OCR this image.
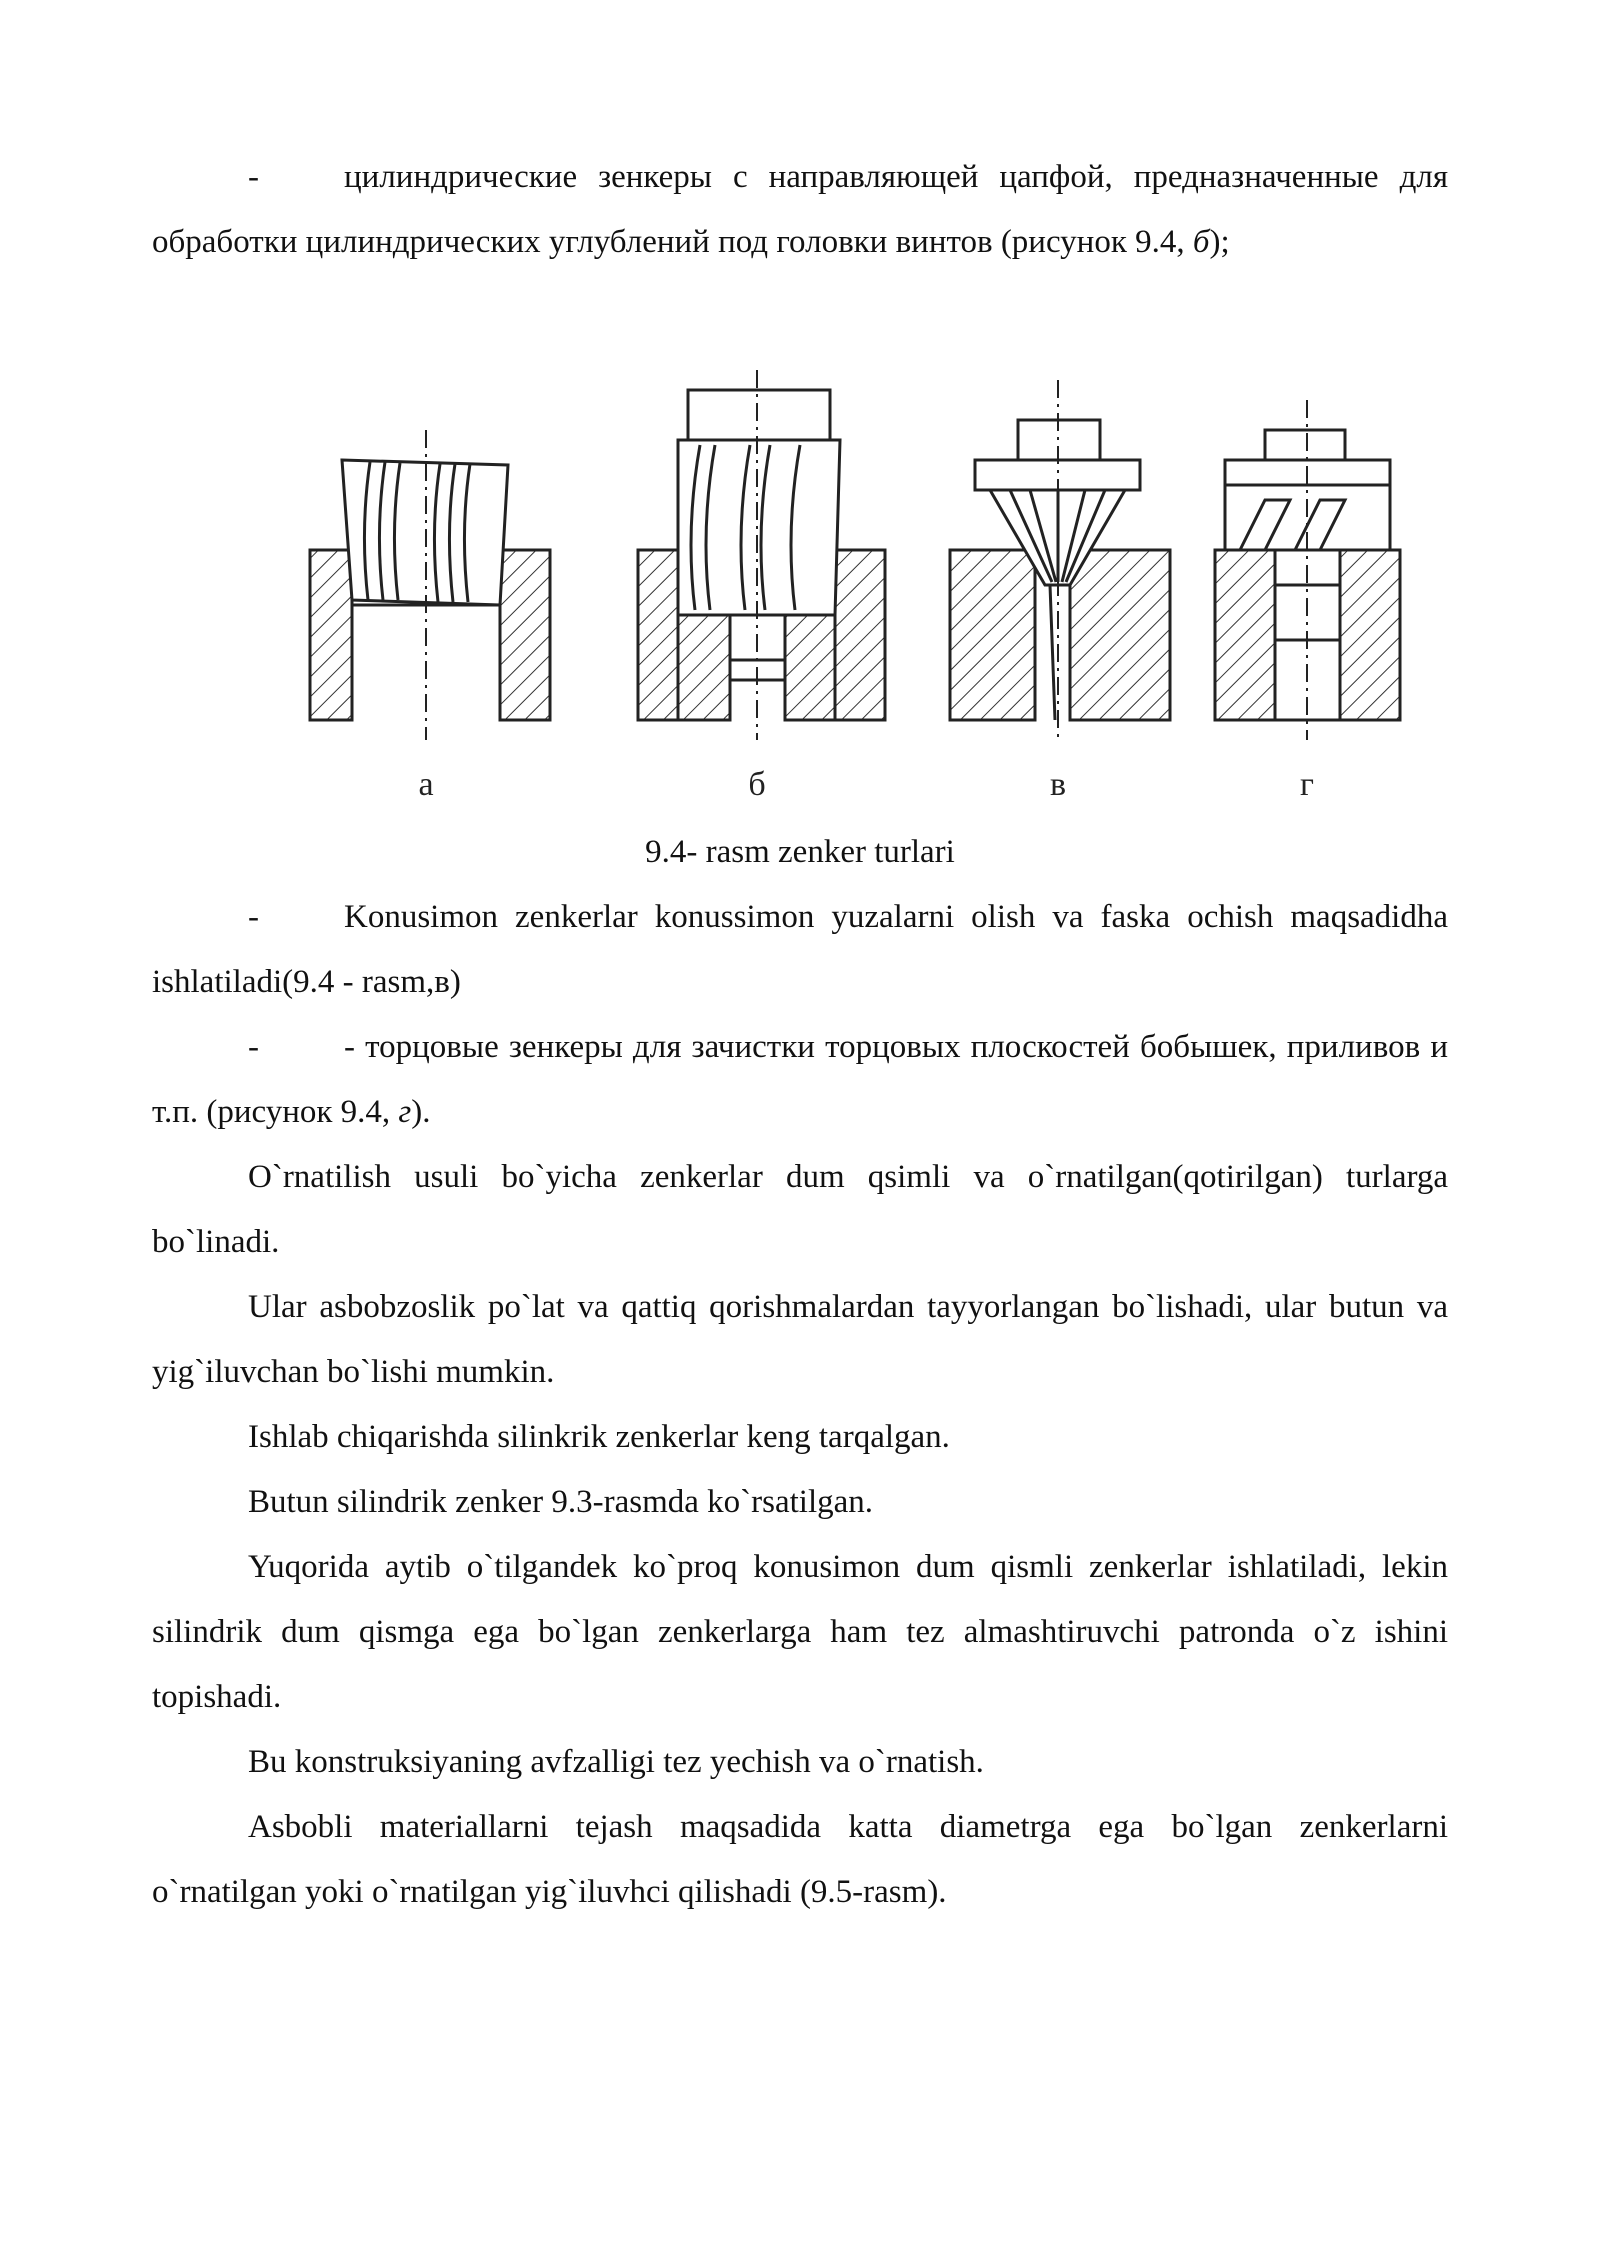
-	цилиндрические зенкеры с направляющей цапфой, предназначенные для обработки цилиндрических углублений под головки винтов (рисунок 9.4, б);

а	б	в	г
9.4- rasm zenker turlari

-	Konusimon zenkerlar konussimon yuzalarni olish va faska ochish maqsadidha ishlatiladi(9.4 - rasm,в)

-	- торцовые зенкеры для зачистки торцовых плоскостей бобышек, приливов и т.п. (рисунок 9.4, г).

O`rnatilish usuli bo`yicha zenkerlar dum qsimli va o`rnatilgan(qotirilgan) turlarga bo`linadi.

Ular asbobzoslik po`lat va qattiq qorishmalardan tayyorlangan bo`lishadi, ular butun va yig`iluvchan bo`lishi mumkin.

Ishlab chiqarishda silinkrik zenkerlar keng tarqalgan.

Butun silindrik zenker 9.3-rasmda ko`rsatilgan.

Yuqorida aytib o`tilgandek ko`proq konusimon dum qismli zenkerlar ishlatiladi, lekin silindrik dum qismga ega bo`lgan zenkerlarga ham tez almashtiruvchi patronda o`z ishini topishadi.

Bu konstruksiyaning avfzalligi tez yechish va o`rnatish.

Asbobli materiallarni tejash maqsadida katta diametrga ega bo`lgan zenkerlarni o`rnatilgan yoki o`rnatilgan yig`iluvhci qilishadi (9.5-rasm).
